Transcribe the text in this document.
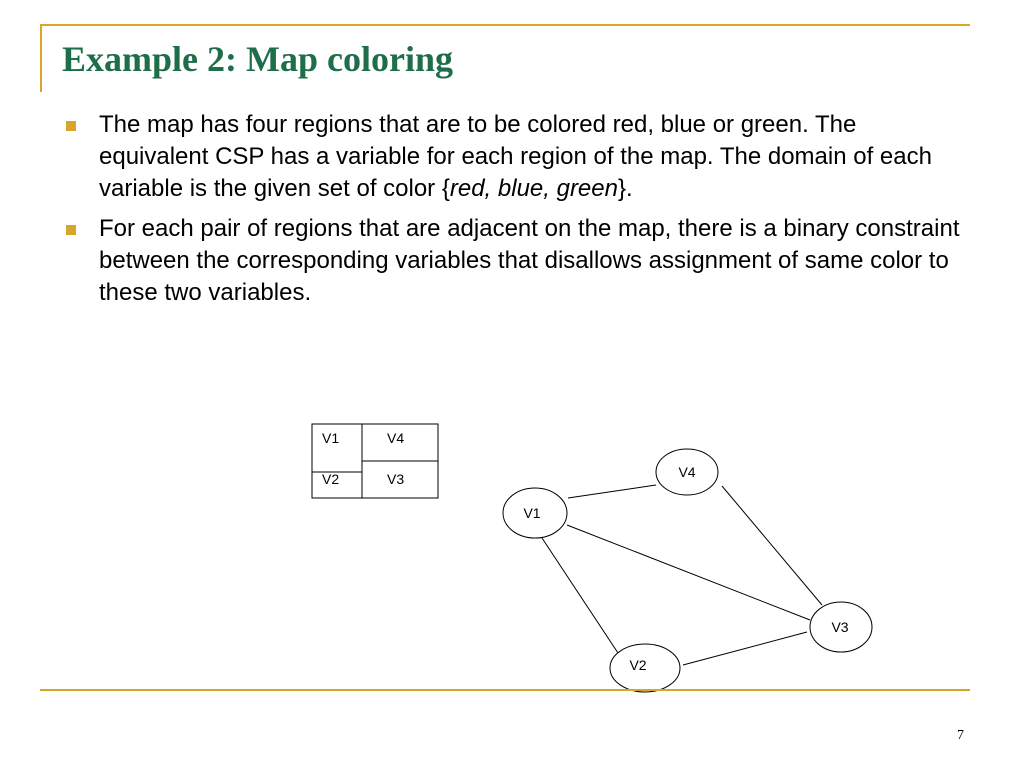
Example 2: Map coloring
The map has four regions that are to be colored red, blue or green. The equivalent CSP has a variable for each region of the map. The domain of each variable is the given set of color {red, blue, green}.
For each pair of regions that are adjacent on the map, there is a binary constraint between the corresponding variables that disallows assignment of same color to these two variables.
V1	V4
V2	V3	V4
V1
V3
V2
7
